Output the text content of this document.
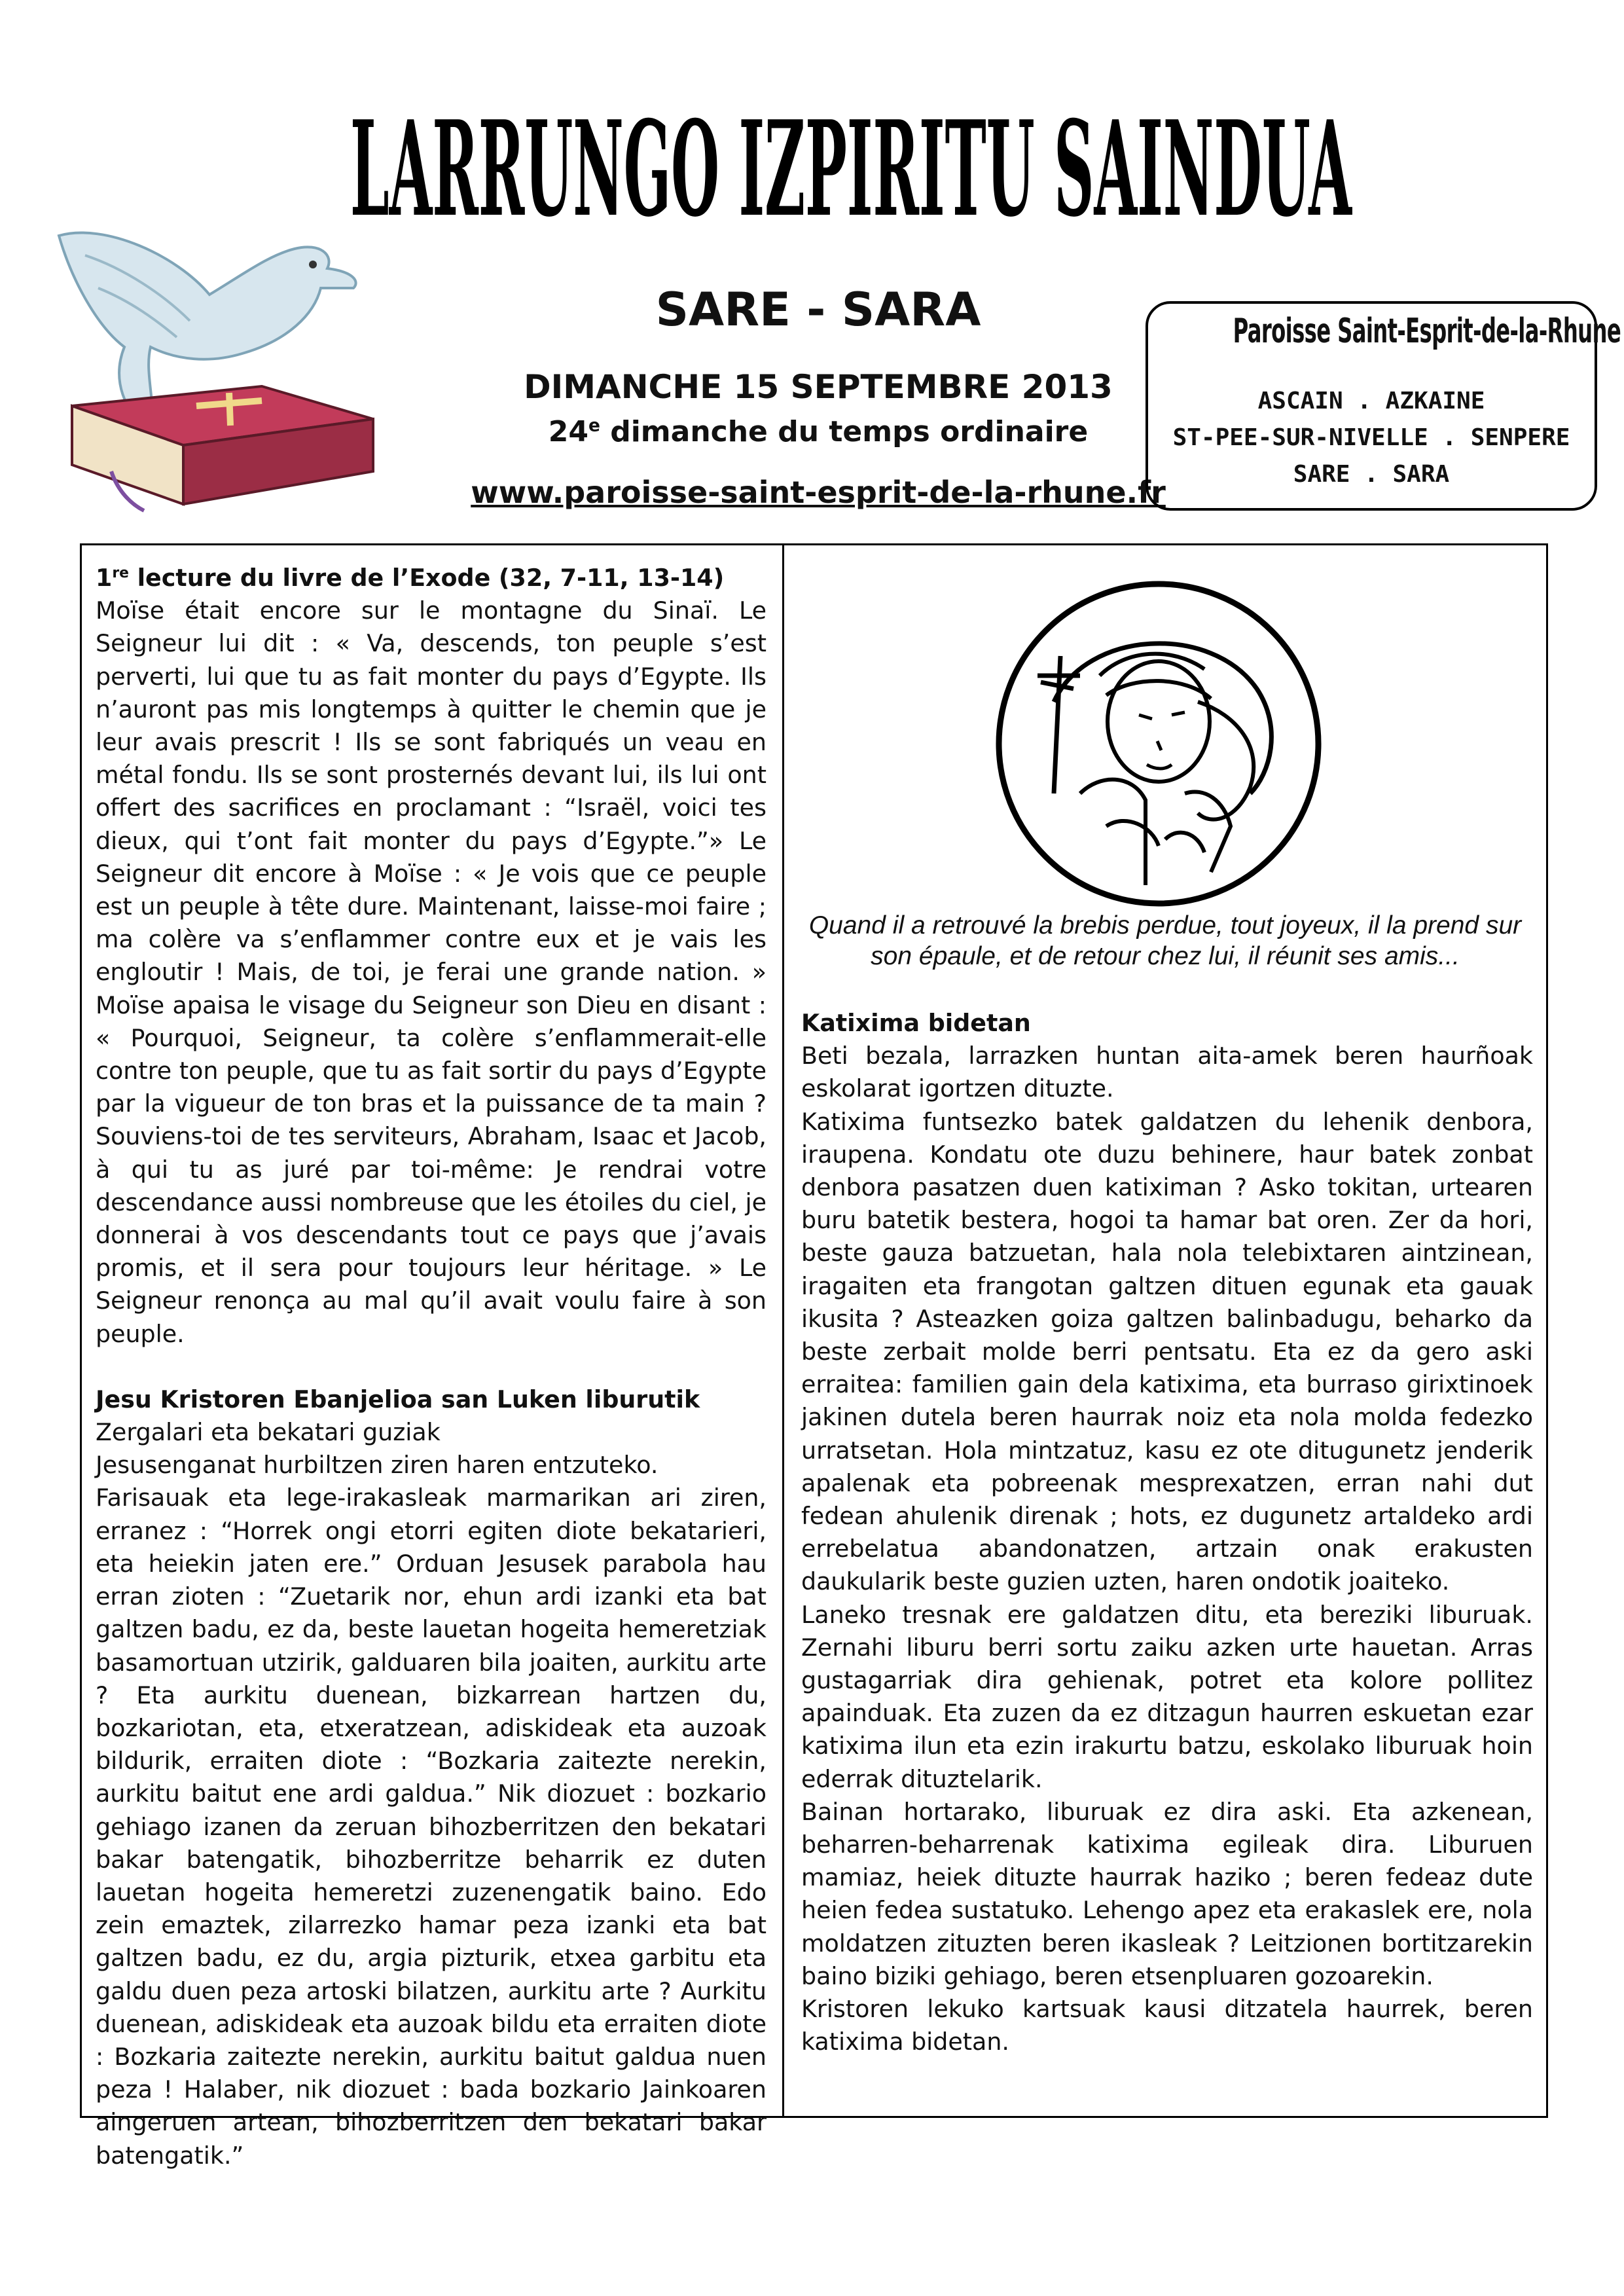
LARRUNGO IZPIRITU SAINDUA
SARE - SARA
DIMANCHE 15 SEPTEMBRE 2013
24e dimanche du temps ordinaire
www.paroisse-saint-esprit-de-la-rhune.fr
Paroisse Saint-Esprit-de-la-Rhune
ASCAIN . AZKAINE
ST-PEE-SUR-NIVELLE . SENPERE
SARE . SARA

1re lecture du livre de l’Exode (32, 7-11, 13-14)

Moïse était encore sur le montagne du Sinaï. Le Seigneur lui dit : « Va, descends, ton peuple s’est perverti, lui que tu as fait monter du pays d’Egypte. Ils n’auront pas mis longtemps à quitter le chemin que je leur avais prescrit ! Ils se sont fabriqués un veau en métal fondu. Ils se sont prosternés devant lui, ils lui ont offert des sacrifices en proclamant : “Israël, voici tes dieux, qui t’ont fait monter du pays d’Egypte.”» Le Seigneur dit encore à Moïse : « Je vois que ce peuple est un peuple à tête dure. Maintenant, laisse-moi faire ; ma colère va s’enflammer contre eux et je vais les engloutir ! Mais, de toi, je ferai une grande nation. » Moïse apaisa le visage du Seigneur son Dieu en disant : « Pourquoi, Seigneur, ta colère s’enflammerait-elle contre ton peuple, que tu as fait sortir du pays d’Egypte par la vigueur de ton bras et la puissance de ta main ? Souviens-toi de tes serviteurs, Abraham, Isaac et Jacob, à qui tu as juré par toi-même: Je rendrai votre descendance aussi nombreuse que les étoiles du ciel, je donnerai à vos descendants tout ce pays que j’avais promis, et il sera pour toujours leur héritage. » Le Seigneur renonça au mal qu’il avait voulu faire à son peuple.

Jesu Kristoren Ebanjelioa san Luken liburutik

Zergalari eta bekatari guziak

Jesusenganat hurbiltzen ziren haren entzuteko.

Farisauak eta lege-irakasleak marmarikan ari ziren, erranez : “Horrek ongi etorri egiten diote bekatarieri, eta heiekin jaten ere.” Orduan Jesusek parabola hau erran zioten : “Zuetarik nor, ehun ardi izanki eta bat galtzen badu, ez da, beste lauetan hogeita hemeretziak basamortuan utzirik, galduaren bila joaiten, aurkitu arte ? Eta aurkitu duenean, bizkarrean hartzen du, bozkariotan, eta, etxeratzean, adiskideak eta auzoak bildurik, erraiten diote : “Bozkaria zaitezte nerekin, aurkitu baitut ene ardi galdua.” Nik diozuet : bozkario gehiago izanen da zeruan bihozberritzen den bekatari bakar batengatik, bihozberritze beharrik ez duten lauetan hogeita hemeretzi zuzenengatik baino. Edo zein emaztek, zilarrezko hamar peza izanki eta bat galtzen badu, ez du, argia pizturik, etxea garbitu eta galdu duen peza artoski bilatzen, aurkitu arte ? Aurkitu duenean, adiskideak eta auzoak bildu eta erraiten diote : Bozkaria zaitezte nerekin, aurkitu baitut galdua nuen peza ! Halaber, nik diozuet : bada bozkario Jainkoaren aingeruen artean, bihozberritzen den bekatari bakar batengatik.”

Quand il a retrouvé la brebis perdue, tout joyeux, il la prend sur son épaule, et de retour chez lui, il réunit ses amis...

Katixima bidetan

Beti bezala, larrazken huntan aita-amek beren haurñoak eskolarat igortzen dituzte.

Katixima funtsezko batek galdatzen du lehenik denbora, iraupena. Kondatu ote duzu behinere, haur batek zonbat denbora pasatzen duen katiximan ? Asko tokitan, urtearen buru batetik bestera, hogoi ta hamar bat oren. Zer da hori, beste gauza batzuetan, hala nola telebixtaren aintzinean, iragaiten eta frangotan galtzen dituen egunak eta gauak ikusita ? Asteazken goiza galtzen balinbadugu, beharko da beste zerbait molde berri pentsatu. Eta ez da gero aski erraitea: familien gain dela katixima, eta burraso girixtinoek jakinen dutela beren haurrak noiz eta nola molda fedezko urratsetan. Hola mintzatuz, kasu ez ote ditugunetz jenderik apalenak eta pobreenak mesprexatzen, erran nahi dut fedean ahulenik direnak ; hots, ez dugunetz artaldeko ardi errebelatua abandonatzen, artzain onak erakusten daukularik beste guzien uzten, haren ondotik joaiteko.

Laneko tresnak ere galdatzen ditu, eta bereziki liburuak. Zernahi liburu berri sortu zaiku azken urte hauetan. Arras gustagarriak dira gehienak, potret eta kolore pollitez apainduak. Eta zuzen da ez ditzagun haurren eskuetan ezar katixima ilun eta ezin irakurtu batzu, eskolako liburuak hoin ederrak dituztelarik.

Bainan hortarako, liburuak ez dira aski. Eta azkenean, beharren-beharrenak katixima egileak dira. Liburuen mamiaz, heiek dituzte haurrak haziko ; beren fedeaz dute heien fedea sustatuko. Lehengo apez eta erakaslek ere, nola moldatzen zituzten beren ikasleak ? Leitzionen bortitzarekin baino biziki gehiago, beren etsenpluaren gozoarekin.

Kristoren lekuko kartsuak kausi ditzatela haurrek, beren katixima bidetan.
